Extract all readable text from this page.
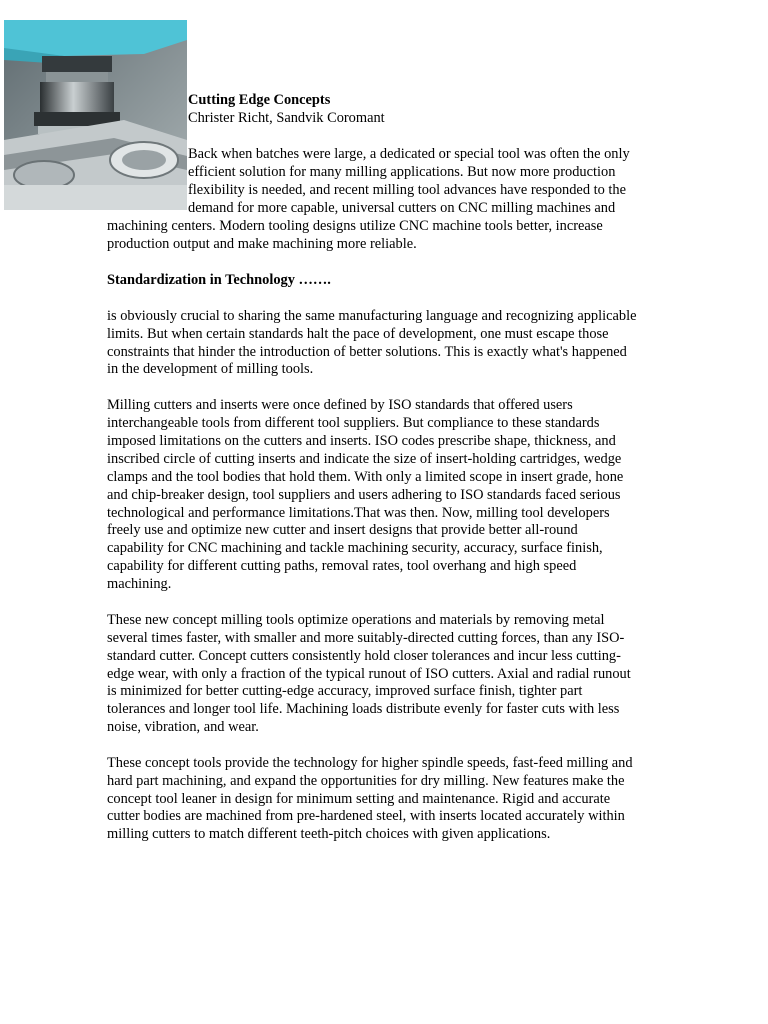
Cutting Edge Concepts
Christer Richt, Sandvik Coromant
Back when batches were large, a dedicated or special tool was often the only
efficient solution for many milling applications. But now more production
flexibility is needed, and recent milling tool advances have responded to the
demand for more capable, universal cutters on CNC milling machines and
machining centers. Modern tooling designs utilize CNC machine tools better, increase
production output and make machining more reliable.
Standardization in Technology …….
is obviously crucial to sharing the same manufacturing language and recognizing applicable
limits. But when certain standards halt the pace of development, one must escape those
constraints that hinder the introduction of better solutions. This is exactly what's happened
in the development of milling tools.
Milling cutters and inserts were once defined by ISO standards that offered users
interchangeable tools from different tool suppliers. But compliance to these standards
imposed limitations on the cutters and inserts. ISO codes prescribe shape, thickness, and
inscribed circle of cutting inserts and indicate the size of insert-holding cartridges, wedge
clamps and the tool bodies that hold them. With only a limited scope in insert grade, hone
and chip-breaker design, tool suppliers and users adhering to ISO standards faced serious
technological and performance limitations.That was then. Now, milling tool developers
freely use and optimize new cutter and insert designs that provide better all-round
capability for CNC machining and tackle machining security, accuracy, surface finish,
capability for different cutting paths, removal rates, tool overhang and high speed
machining.
These new concept milling tools optimize operations and materials by removing metal
several times faster, with smaller and more suitably-directed cutting forces, than any ISO-
standard cutter. Concept cutters consistently hold closer tolerances and incur less cutting-
edge wear, with only a fraction of the typical runout of ISO cutters. Axial and radial runout
is minimized for better cutting-edge accuracy, improved surface finish, tighter part
tolerances and longer tool life. Machining loads distribute evenly for faster cuts with less
noise, vibration, and wear.
These concept tools provide the technology for higher spindle speeds, fast-feed milling and
hard part machining, and expand the opportunities for dry milling. New features make the
concept tool leaner in design for minimum setting and maintenance. Rigid and accurate
cutter bodies are machined from pre-hardened steel, with inserts located accurately within
milling cutters to match different teeth-pitch choices with given applications.
